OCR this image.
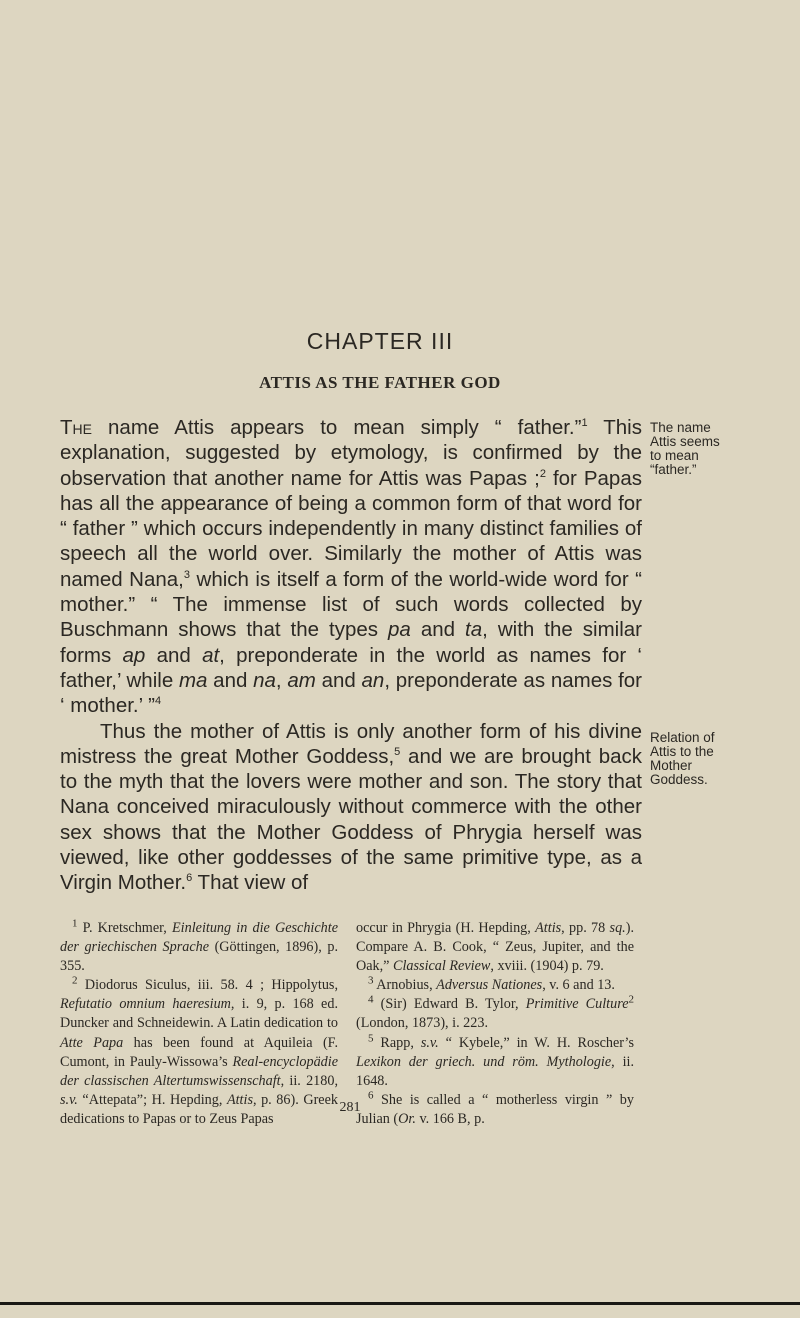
CHAPTER III
ATTIS AS THE FATHER GOD

The name Attis appears to mean simply “ father.”$^1$ This explanation, suggested by etymology, is confirmed by the observation that another name for Attis was Papas ;$^2$ for Papas has all the appearance of being a common form of that word for “ father ” which occurs independently in many distinct families of speech all the world over. Similarly the mother of Attis was named Nana,$^3$ which is itself a form of the world-wide word for “ mother.” “ The immense list of such words collected by Buschmann shows that the types pa and ta, with the similar forms ap and at, preponderate in the world as names for ‘ father,’ while ma and na, am and an, preponderate as names for ‘ mother.’ ”$^4$

Thus the mother of Attis is only another form of his divine mistress the great Mother Goddess,$^5$ and we are brought back to the myth that the lovers were mother and son. The story that Nana conceived miraculously without commerce with the other sex shows that the Mother Goddess of Phrygia herself was viewed, like other goddesses of the same primitive type, as a Virgin Mother.$^6$ That view of

The name
Attis seems
to mean
“father.”
Relation of
Attis to the
Mother
Goddess.

$^1$ P. Kretschmer, Einleitung in die Geschichte der griechischen Sprache (Göttingen, 1896), p. 355.

$^2$ Diodorus Siculus, iii. 58. 4 ; Hippolytus, Refutatio omnium haeresium, i. 9, p. 168 ed. Duncker and Schneidewin. A Latin dedication to Atte Papa has been found at Aquileia (F. Cumont, in Pauly-Wissowa’s Real-encyclopädie der classischen Altertumswissenschaft, ii. 2180, s.v. “Attepata”; H. Hepding, Attis, p. 86). Greek dedications to Papas or to Zeus Papas

occur in Phrygia (H. Hepding, Attis, pp. 78 sq.). Compare A. B. Cook, “ Zeus, Jupiter, and the Oak,” Classical Review, xviii. (1904) p. 79.

$^3$ Arnobius, Adversus Nationes, v. 6 and 13.

$^4$ (Sir) Edward B. Tylor, Primitive Culture$^2$ (London, 1873), i. 223.

$^5$ Rapp, s.v. “ Kybele,” in W. H. Roscher’s Lexikon der griech. und röm. Mythologie, ii. 1648.

$^6$ She is called a “ motherless virgin ” by Julian (Or. v. 166 B, p.

281
